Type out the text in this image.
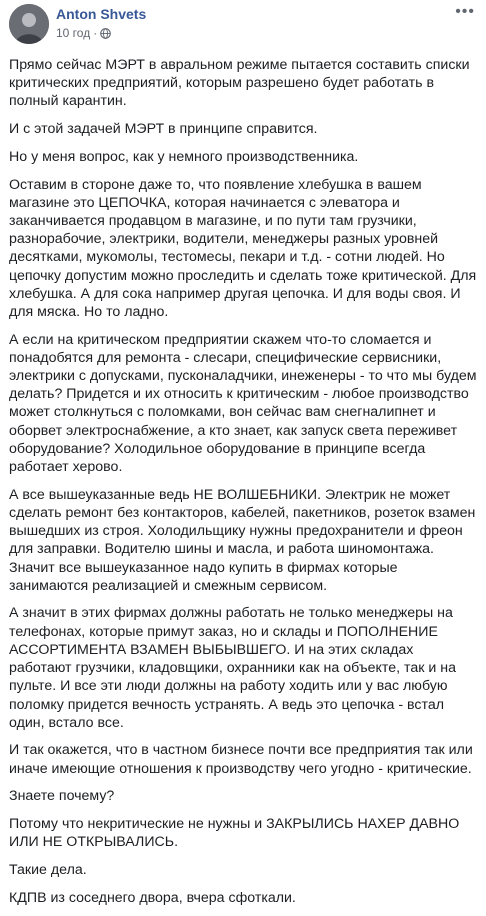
Anton Shvets
10 год ·
•••

Прямо сейчас МЭРТ в авральном режиме пытается составить списки критических предприятий, которым разрешено будет работать в полный карантин.

И с этой задачей МЭРТ в принципе справится.

Но у меня вопрос, как у немного производственника.

Оставим в стороне даже то, что появление хлебушка в вашем магазине это ЦЕПОЧКА, которая начинается с элеватора и заканчивается продавцом в магазине, и по пути там грузчики, разнорабочие, электрики, водители, менеджеры разных уровней десятками, мукомолы, тестомесы, пекари и т.д. - сотни людей. Но цепочку допустим можно проследить и сделать тоже критической. Для хлебушка. А для сока например другая цепочка. И для воды своя. И для мяска. Но то ладно.

А если на критическом предприятии скажем что-то сломается и понадобятся для ремонта - слесари, специфические сервисники, электрики с допусками, пусконаладчики, инеженеры - то что мы будем делать? Придется и их относить к критическим - любое производство может столкнуться с поломками, вон сейчас вам снегналипнет и оборвет электроснабжение, а кто знает, как запуск света переживет оборудование? Холодильное оборудование в принципе всегда работает херово.

А все вышеуказанные ведь НЕ ВОЛШЕБНИКИ. Электрик не может сделать ремонт без контакторов, кабелей, пакетников, розеток взамен вышедших из строя. Холодильщику нужны предохранители и фреон для заправки. Водителю шины и масла, и работа шиномонтажа. Значит все вышеуказанное надо купить в фирмах которые занимаются реализацией и смежным сервисом.

А значит в этих фирмах должны работать не только менеджеры на телефонах, которые примут заказ, но и склады и ПОПОЛНЕНИЕ АССОРТИМЕНТА ВЗАМЕН ВЫБЫВШЕГО. И на этих складах работают грузчики, кладовщики, охранники как на объекте, так и на пульте. И все эти люди должны на работу ходить или у вас любую поломку придется вечность устранять. А ведь это цепочка - встал один, встало все.

И так окажется, что в частном бизнесе почти все предприятия так или иначе имеющие отношения к производству чего угодно - критические.

Знаете почему?

Потому что некритические не нужны и ЗАКРЫЛИСЬ НАХЕР ДАВНО ИЛИ НЕ ОТКРЫВАЛИСЬ.

Такие дела.

КДПВ из соседнего двора, вчера сфоткали.
